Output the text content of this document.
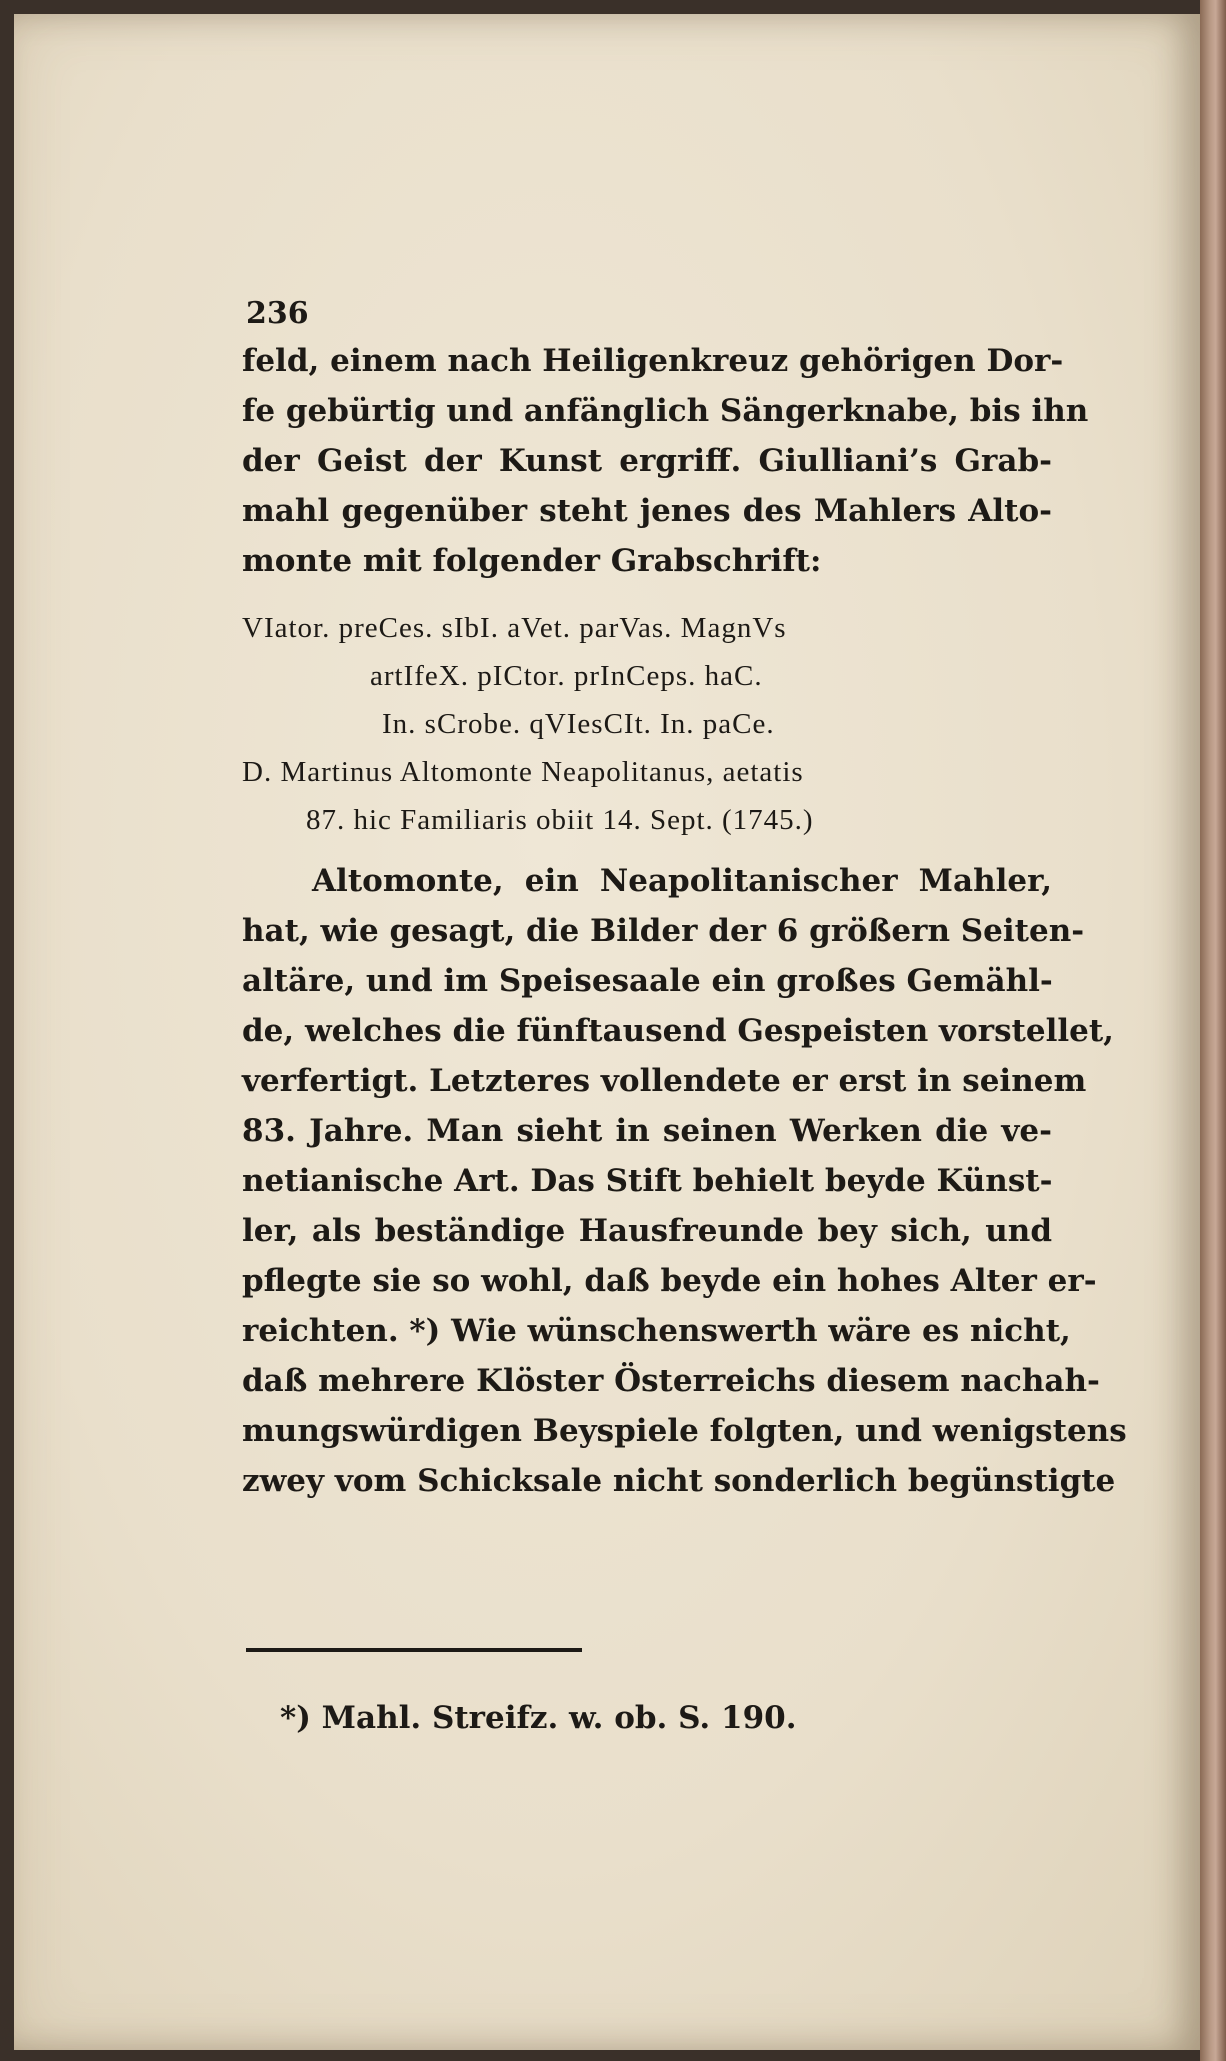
236
feld, einem nach Heiligenkreuz gehörigen Dor-
fe gebürtig und anfänglich Sängerknabe, bis ihn
der Geist der Kunst ergriff. Giulliani’s Grab-
mahl gegenüber steht jenes des Mahlers Alto-
monte mit folgender Grabschrift:
VIator. preCes. sIbI. aVet. parVas. MagnVs
artIfeX. pICtor. prInCeps. haC.
In. sCrobe. qVIesCIt. In. paCe.
D. Martinus Altomonte Neapolitanus, aetatis
87. hic Familiaris obiit 14. Sept. (1745.)
Altomonte, ein Neapolitanischer Mahler,
hat, wie gesagt, die Bilder der 6 größern Seiten-
altäre, und im Speisesaale ein großes Gemähl-
de, welches die fünftausend Gespeisten vorstellet,
verfertigt. Letzteres vollendete er erst in seinem
83. Jahre. Man sieht in seinen Werken die ve-
netianische Art. Das Stift behielt beyde Künst-
ler, als beständige Hausfreunde bey sich, und
pflegte sie so wohl, daß beyde ein hohes Alter er-
reichten. *) Wie wünschenswerth wäre es nicht,
daß mehrere Klöster Österreichs diesem nachah-
mungswürdigen Beyspiele folgten, und wenigstens
zwey vom Schicksale nicht sonderlich begünstigte
*) Mahl. Streifz. w. ob. S. 190.
